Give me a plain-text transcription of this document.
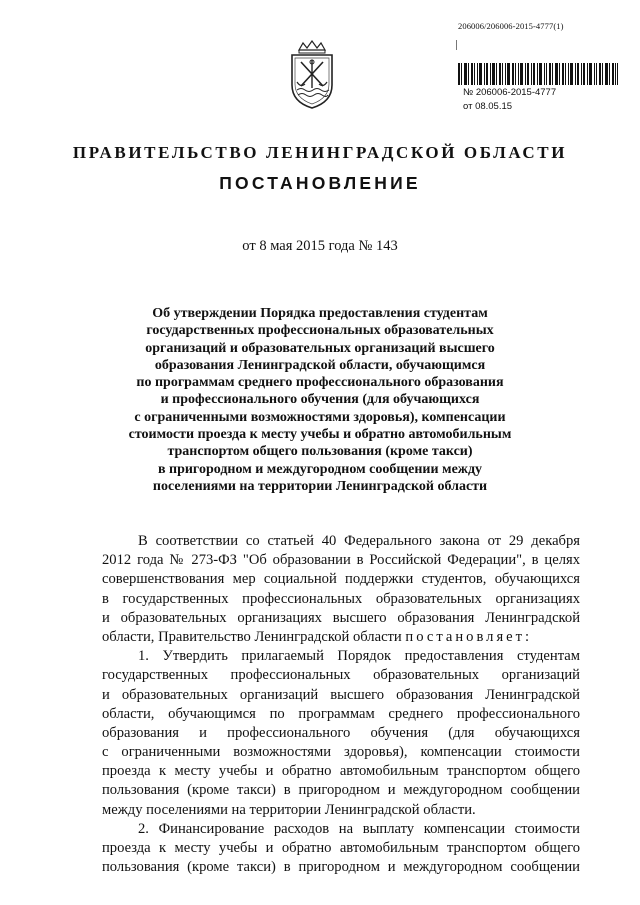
206006/206006-2015-4777(1)
№ 206006-2015-4777
от 08.05.15
ПРАВИТЕЛЬСТВО ЛЕНИНГРАДСКОЙ ОБЛАСТИ
ПОСТАНОВЛЕНИЕ
от 8 мая 2015 года № 143
Об утверждении Порядка предоставления студентам
государственных профессиональных образовательных
организаций и образовательных организаций высшего
образования Ленинградской области, обучающимся
по программам среднего профессионального образования
и профессионального обучения (для обучающихся
с ограниченными возможностями здоровья), компенсации
стоимости проезда к месту учебы и обратно автомобильным
транспортом общего пользования (кроме такси)
в пригородном и междугородном сообщении между
поселениями на территории Ленинградской области
В соответствии со статьей 40 Федерального закона от 29 декабря
2012 года № 273-ФЗ "Об образовании в Российской Федерации", в целях
совершенствования мер социальной поддержки студентов, обучающихся
в государственных профессиональных образовательных организациях
и образовательных организациях высшего образования Ленинградской
области, Правительство Ленинградской области постановляет:
1. Утвердить прилагаемый Порядок предоставления студентам
государственных профессиональных образовательных организаций
и образовательных организаций высшего образования Ленинградской
области, обучающимся по программам среднего профессионального
образования и профессионального обучения (для обучающихся
с ограниченными возможностями здоровья), компенсации стоимости
проезда к месту учебы и обратно автомобильным транспортом общего
пользования (кроме такси) в пригородном и междугородном сообщении
между поселениями на территории Ленинградской области.
2. Финансирование расходов на выплату компенсации стоимости
проезда к месту учебы и обратно автомобильным транспортом общего
пользования (кроме такси) в пригородном и междугородном сообщении
